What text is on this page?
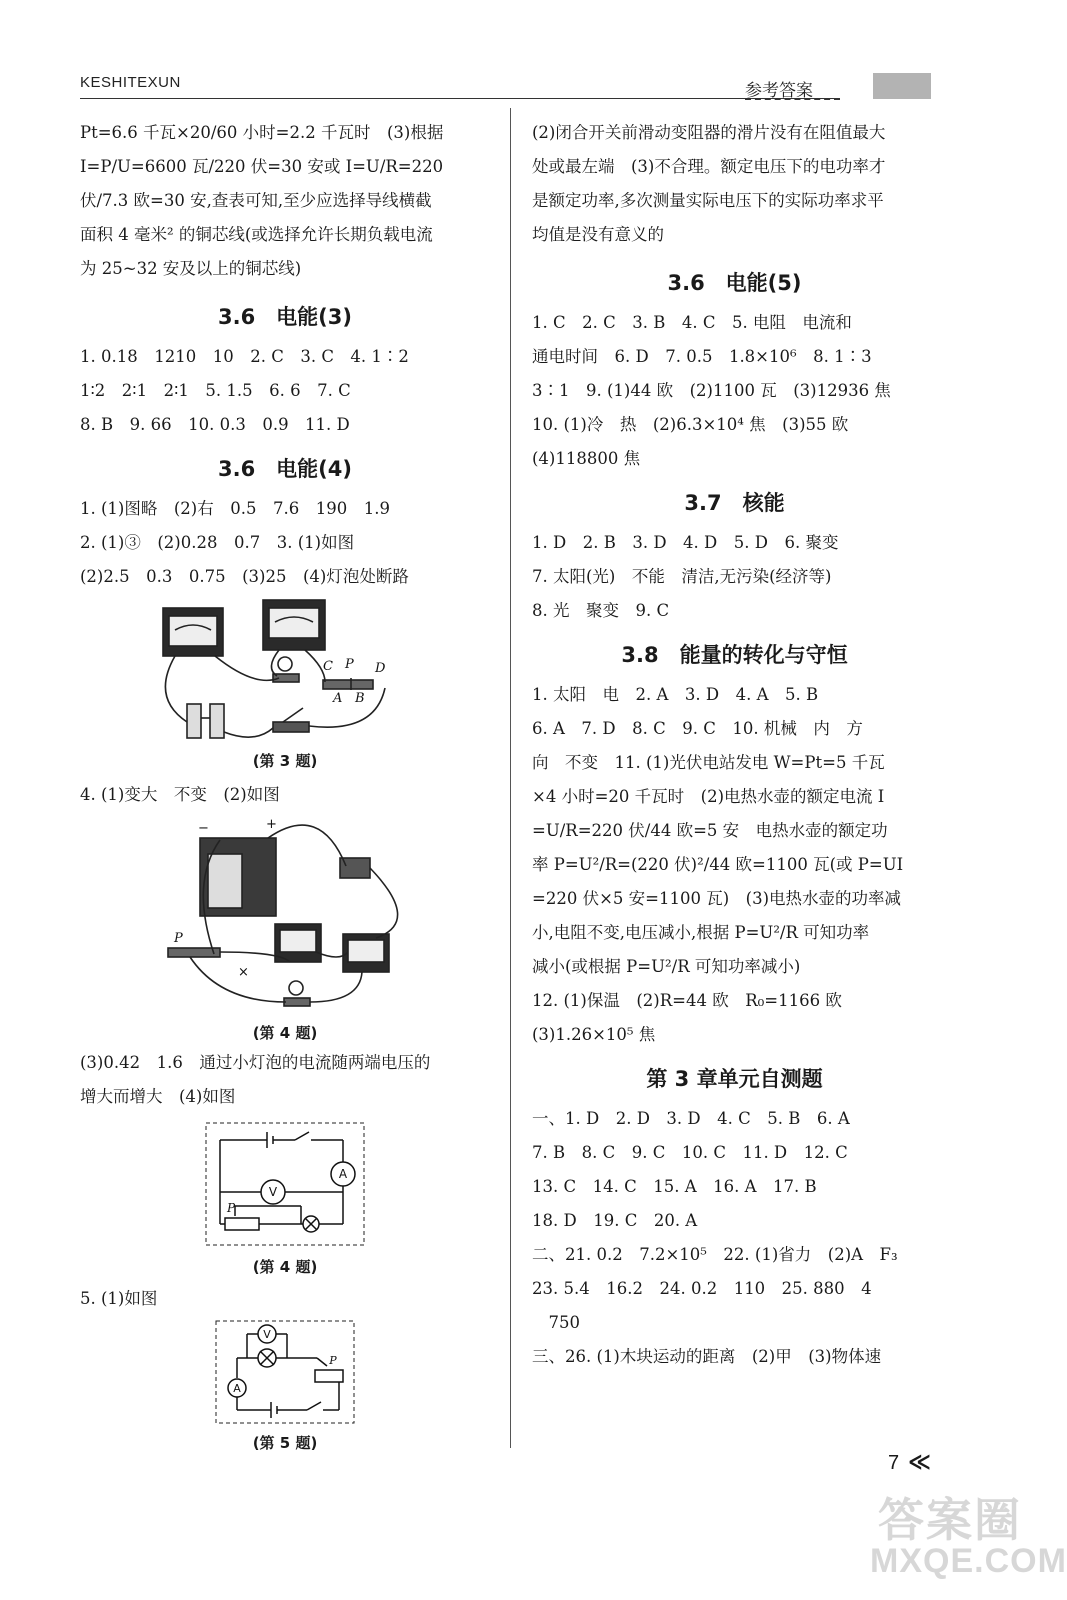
KESHITEXUN	参考答案
Pt=6.6 千瓦×20/60 小时=2.2 千瓦时　(3)根据
I=P/U=6600 瓦/220 伏=30 安或 I=U/R=220
伏/7.3 欧=30 安,查表可知,至少应选择导线横截
面积 4 毫米² 的铜芯线(或选择允许长期负载电流
为 25~32 安及以上的铜芯线)
3.6　电能(3)
1. 0.18　1210　10　2. C　3. C　4. 1∶2
1∶2　2∶1　2∶1　5. 1.5　6. 6　7. C
8. B　9. 66　10. 0.3　0.9　11. D
3.6　电能(4)
1. (1)图略　(2)右　0.5　7.6　190　1.9
2. (1)③　(2)0.28　0.7　3. (1)如图
(2)2.5　0.3　0.75　(3)25　(4)灯泡处断路
C P D
A B
(第 3 题)
4. (1)变大　不变　(2)如图
−	+
P
×
(第 4 题)
(3)0.42　1.6　通过小灯泡的电流随两端电压的
增大而增大　(4)如图
V
A
P
(第 4 题)
5. (1)如图
V
A
P
(第 5 题)
(2)闭合开关前滑动变阻器的滑片没有在阻值最大
处或最左端　(3)不合理。额定电压下的电功率才
是额定功率,多次测量实际电压下的实际功率求平
均值是没有意义的
3.6　电能(5)
1. C　2. C　3. B　4. C　5. 电阻　电流和
通电时间　6. D　7. 0.5　1.8×10⁶　8. 1∶3
3∶1　9. (1)44 欧　(2)1100 瓦　(3)12936 焦
10. (1)冷　热　(2)6.3×10⁴ 焦　(3)55 欧
(4)118800 焦
3.7　核能
1. D　2. B　3. D　4. D　5. D　6. 聚变
7. 太阳(光)　不能　清洁,无污染(经济等)
8. 光　聚变　9. C
3.8　能量的转化与守恒
1. 太阳　电　2. A　3. D　4. A　5. B
6. A　7. D　8. C　9. C　10. 机械　内　方
向　不变　11. (1)光伏电站发电 W=Pt=5 千瓦
×4 小时=20 千瓦时　(2)电热水壶的额定电流 I
=U/R=220 伏/44 欧=5 安　电热水壶的额定功
率 P=U²/R=(220 伏)²/44 欧=1100 瓦(或 P=UI
=220 伏×5 安=1100 瓦)　(3)电热水壶的功率减
小,电阻不变,电压减小,根据 P=U²/R 可知功率
减小(或根据 P=U²/R 可知功率减小)
12. (1)保温　(2)R=44 欧　R₀=1166 欧
(3)1.26×10⁵ 焦
第 3 章单元自测题
一、1. D　2. D　3. D　4. C　5. B　6. A
7. B　8. C　9. C　10. C　11. D　12. C
13. C　14. C　15. A　16. A　17. B
18. D　19. C　20. A
二、21. 0.2　7.2×10⁵　22. (1)省力　(2)A　F₃
23. 5.4　16.2　24. 0.2　110　25. 880　4
　750
三、26. (1)木块运动的距离　(2)甲　(3)物体速
7 ≪
答案圈
MXQE.COM
